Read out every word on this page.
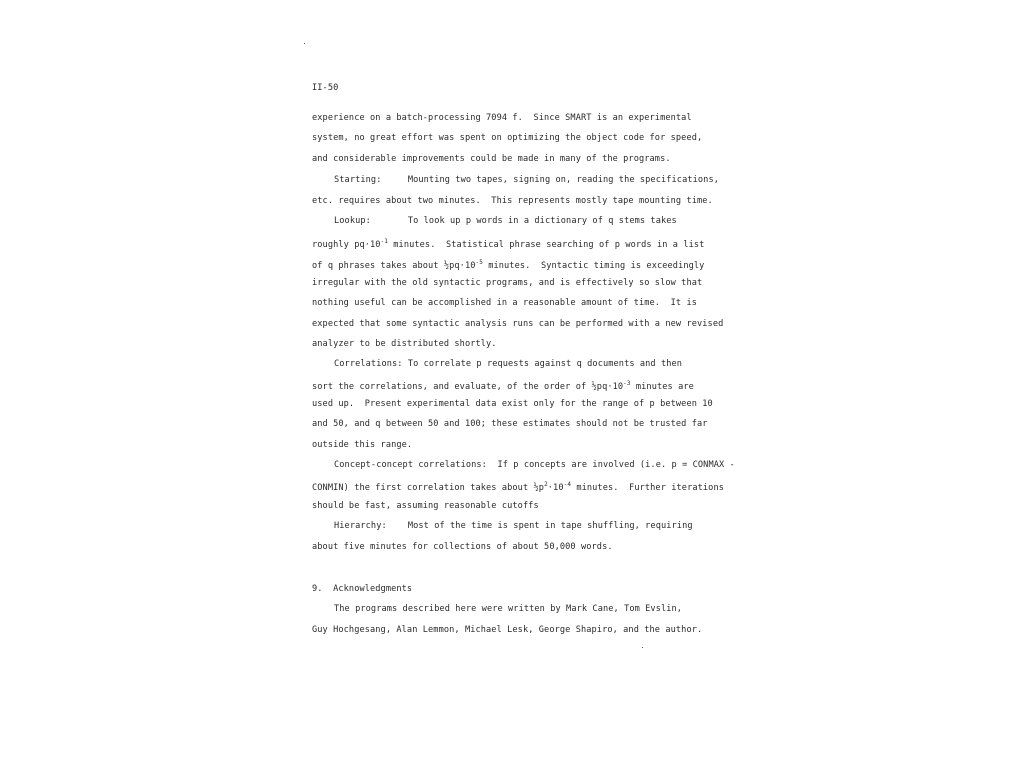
II-50
experience on a batch-processing 7094 f.  Since SMART is an experimental
system, no great effort was spent on optimizing the object code for speed,
and considerable improvements could be made in many of the programs.
Starting:     Mounting two tapes, signing on, reading the specifications,
etc. requires about two minutes.  This represents mostly tape mounting time.
Lookup:       To look up p words in a dictionary of q stems takes
roughly $pq\cdot 10^{-1}$ minutes.  Statistical phrase searching of p words in a list
of q phrases takes about $\frac{1}{2}pq\cdot 10^{-5}$ minutes.  Syntactic timing is exceedingly
irregular with the old syntactic programs, and is effectively so slow that
nothing useful can be accomplished in a reasonable amount of time.  It is
expected that some syntactic analysis runs can be performed with a new revised
analyzer to be distributed shortly.
Correlations: To correlate p requests against q documents and then
sort the correlations, and evaluate, of the order of $\frac{1}{2}pq\cdot 10^{-3}$ minutes are
used up.  Present experimental data exist only for the range of p between 10
and 50, and q between 50 and 100; these estimates should not be trusted far
outside this range.
Concept-concept correlations:  If p concepts are involved (i.e. p = CONMAX -
CONMIN) the first correlation takes about $\frac{1}{2}p^2\cdot 10^{-4}$ minutes.  Further iterations
should be fast, assuming reasonable cutoffs
Hierarchy:    Most of the time is spent in tape shuffling, requiring
about five minutes for collections of about 50,000 words.
9.  Acknowledgments
The programs described here were written by Mark Cane, Tom Evslin,
Guy Hochgesang, Alan Lemmon, Michael Lesk, George Shapiro, and the author.
